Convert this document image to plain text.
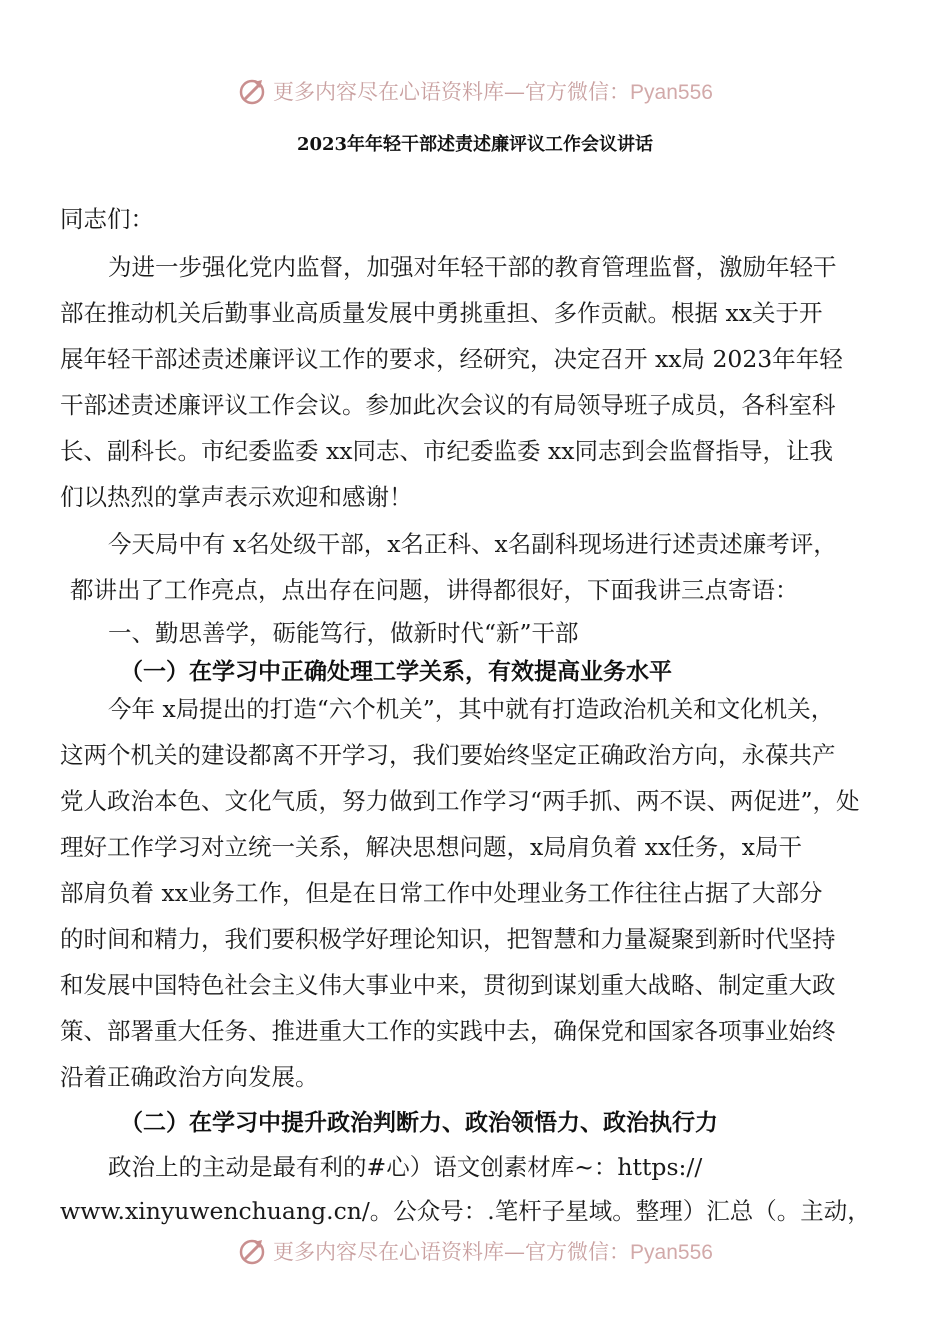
更多内容尽在心语资料库—官方微信：Pyan556
2023年年轻干部述责述廉评议工作会议讲话
同志们：
为进一步强化党内监督，加强对年轻干部的教育管理监督，激励年轻干
部在推动机关后勤事业高质量发展中勇挑重担、多作贡献。根据 xx关于开
展年轻干部述责述廉评议工作的要求，经研究，决定召开 xx局 2023年年轻
干部述责述廉评议工作会议。参加此次会议的有局领导班子成员，各科室科
长、副科长。市纪委监委 xx同志、市纪委监委 xx同志到会监督指导，让我
们以热烈的掌声表示欢迎和感谢！
今天局中有 x名处级干部，x名正科、x名副科现场进行述责述廉考评，
都讲出了工作亮点，点出存在问题，讲得都很好，下面我讲三点寄语：
一、勤思善学，砺能笃行，做新时代“新”干部
（一）在学习中正确处理工学关系，有效提高业务水平
今年 x局提出的打造“六个机关”，其中就有打造政治机关和文化机关，
这两个机关的建设都离不开学习，我们要始终坚定正确政治方向，永葆共产
党人政治本色、文化气质，努力做到工作学习“两手抓、两不误、两促进”，处
理好工作学习对立统一关系，解决思想问题，x局肩负着 xx任务，x局干
部肩负着 xx业务工作，但是在日常工作中处理业务工作往往占据了大部分
的时间和精力，我们要积极学好理论知识，把智慧和力量凝聚到新时代坚持
和发展中国特色社会主义伟大事业中来，贯彻到谋划重大战略、制定重大政
策、部署重大任务、推进重大工作的实践中去，确保党和国家各项事业始终
沿着正确政治方向发展。
（二）在学习中提升政治判断力、政治领悟力、政治执行力
政治上的主动是最有利的#心）语文创素材库~：https://
www.xinyuwenchuang.cn/。公众号：.笔杆子星域。整理）汇总（。主动，
更多内容尽在心语资料库—官方微信：Pyan556
